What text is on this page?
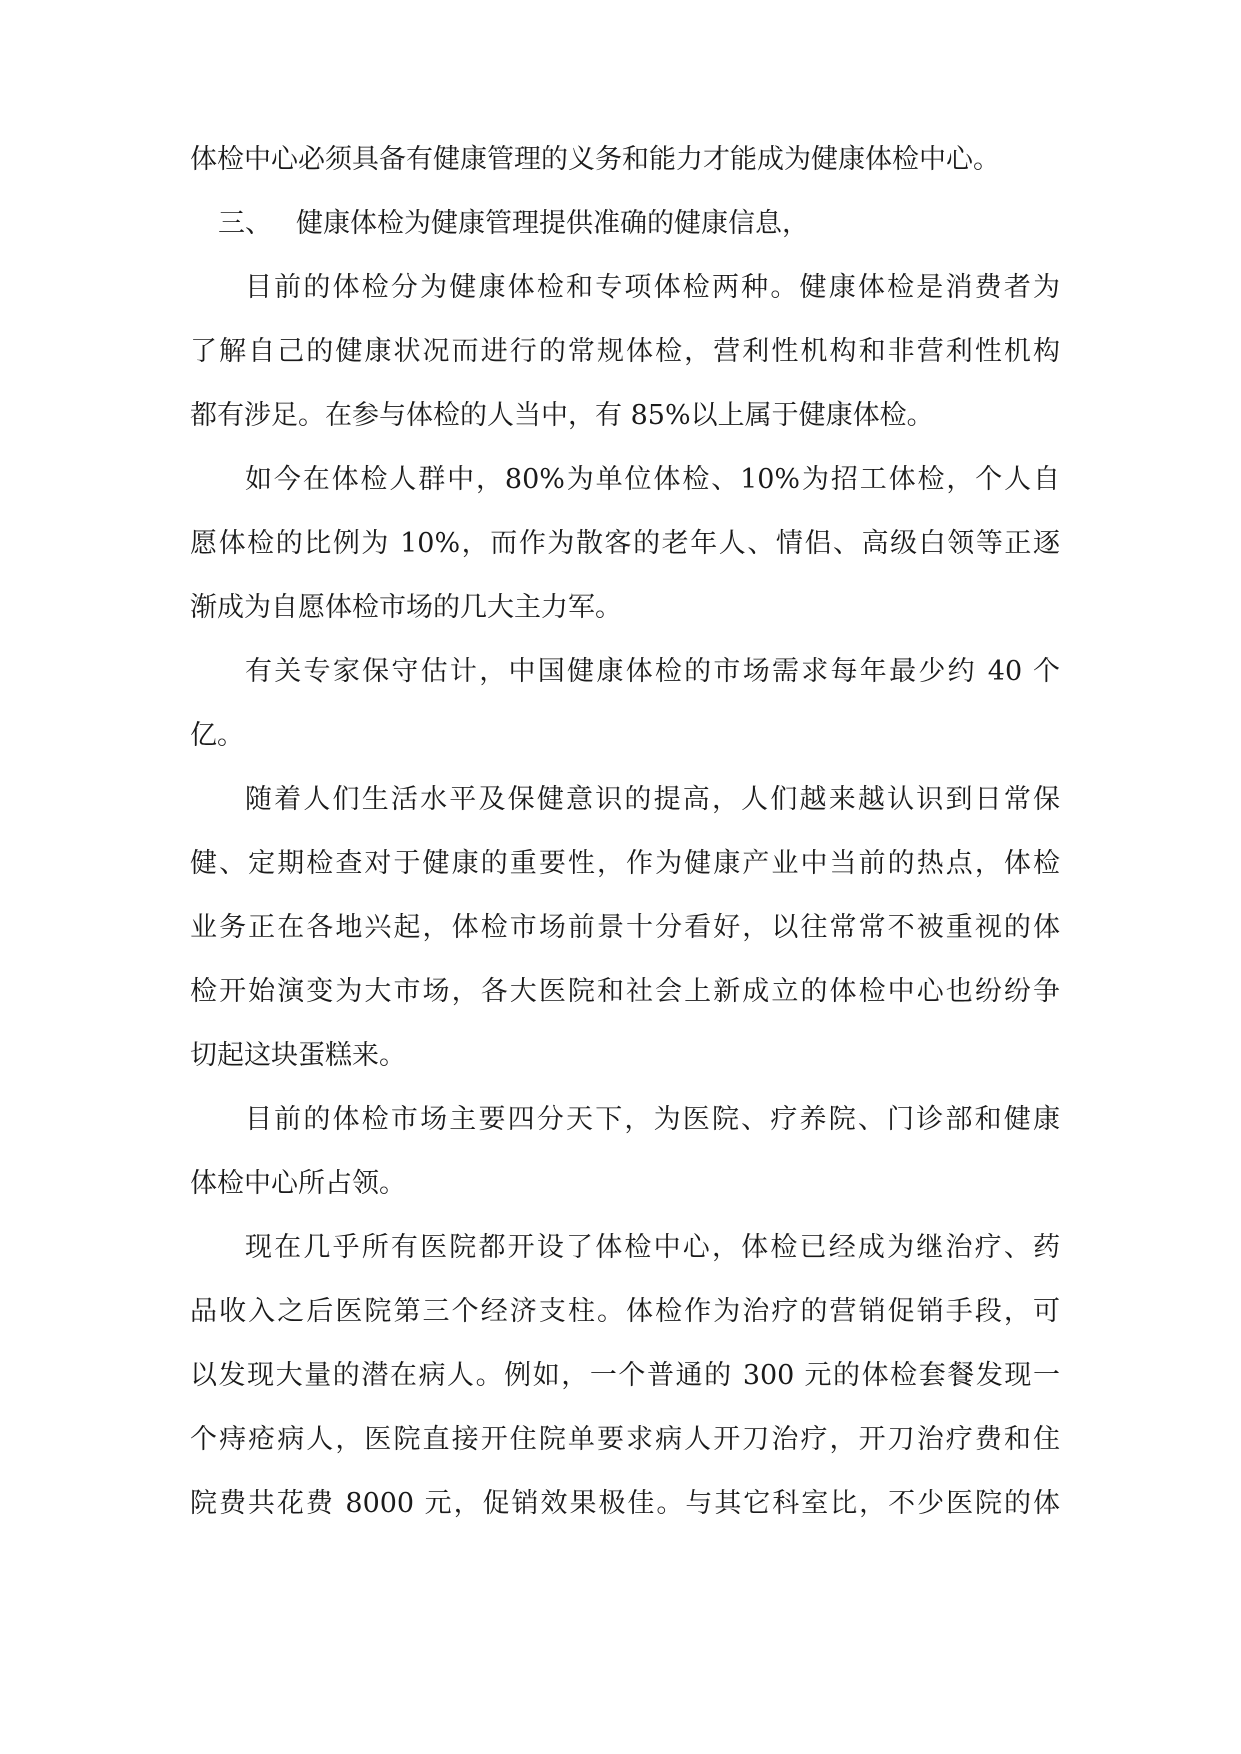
体检中心必须具备有健康管理的义务和能力才能成为健康体检中心。
三、 健康体检为健康管理提供准确的健康信息，
目前的体检分为健康体检和专项体检两种。健康体检是消费者为
了解自己的健康状况而进行的常规体检，营利性机构和非营利性机构
都有涉足。在参与体检的人当中，有 85%以上属于健康体检。
如今在体检人群中，80%为单位体检、10%为招工体检，个人自
愿体检的比例为 10%，而作为散客的老年人、情侣、高级白领等正逐
渐成为自愿体检市场的几大主力军。
有关专家保守估计，中国健康体检的市场需求每年最少约 40 个
亿。
随着人们生活水平及保健意识的提高，人们越来越认识到日常保
健、定期检查对于健康的重要性，作为健康产业中当前的热点，体检
业务正在各地兴起，体检市场前景十分看好，以往常常不被重视的体
检开始演变为大市场，各大医院和社会上新成立的体检中心也纷纷争
切起这块蛋糕来。
目前的体检市场主要四分天下，为医院、疗养院、门诊部和健康
体检中心所占领。
现在几乎所有医院都开设了体检中心，体检已经成为继治疗、药
品收入之后医院第三个经济支柱。体检作为治疗的营销促销手段，可
以发现大量的潜在病人。例如，一个普通的 300 元的体检套餐发现一
个痔疮病人，医院直接开住院单要求病人开刀治疗，开刀治疗费和住
院费共花费 8000 元，促销效果极佳。与其它科室比，不少医院的体
